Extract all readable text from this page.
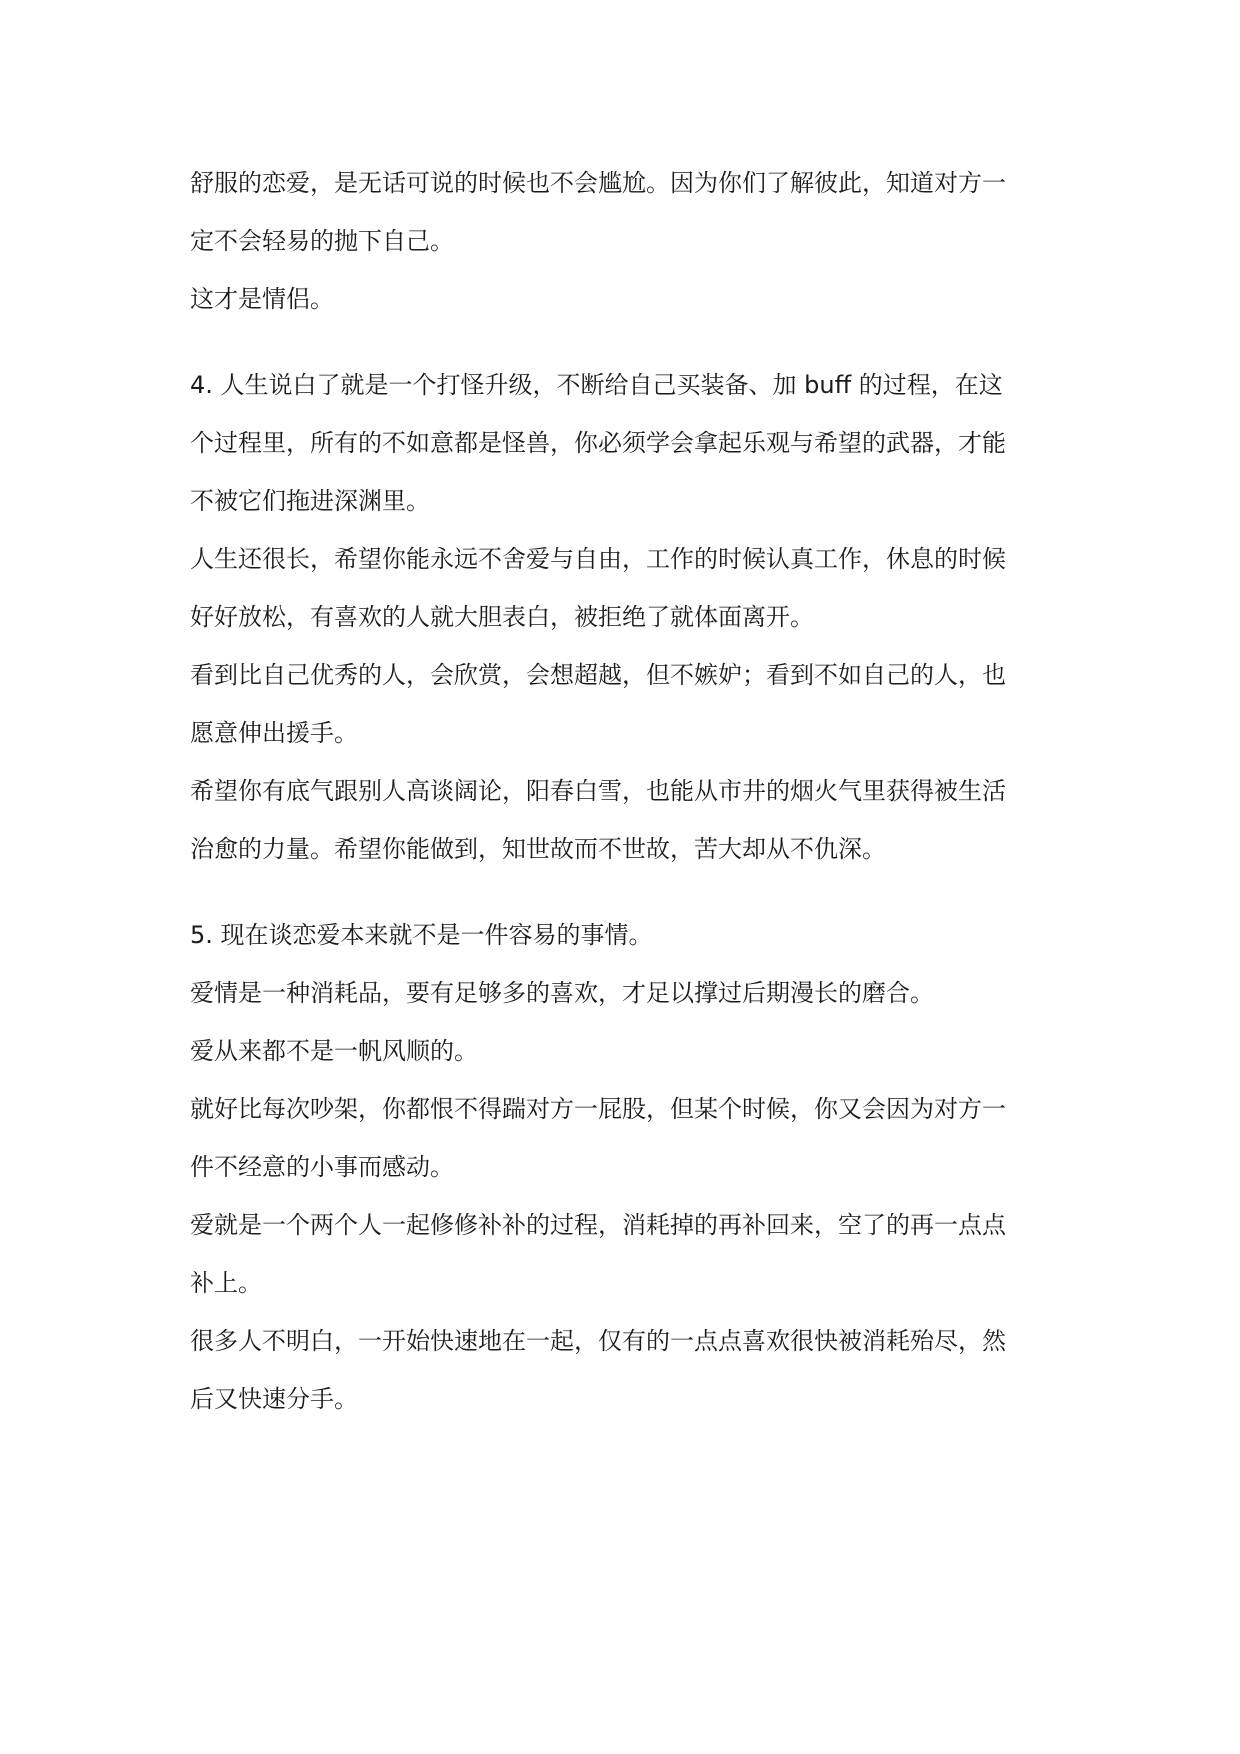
舒服的恋爱，是无话可说的时候也不会尴尬。因为你们了解彼此，知道对方一
定不会轻易的抛下自己。
这才是情侣。
4. 人生说白了就是一个打怪升级，不断给自己买装备、加 buff 的过程，在这
个过程里，所有的不如意都是怪兽，你必须学会拿起乐观与希望的武器，才能
不被它们拖进深渊里。
人生还很长，希望你能永远不舍爱与自由，工作的时候认真工作，休息的时候
好好放松，有喜欢的人就大胆表白，被拒绝了就体面离开。
看到比自己优秀的人，会欣赏，会想超越，但不嫉妒；看到不如自己的人，也
愿意伸出援手。
希望你有底气跟别人高谈阔论，阳春白雪，也能从市井的烟火气里获得被生活
治愈的力量。希望你能做到，知世故而不世故，苦大却从不仇深。
5. 现在谈恋爱本来就不是一件容易的事情。
爱情是一种消耗品，要有足够多的喜欢，才足以撑过后期漫长的磨合。
爱从来都不是一帆风顺的。
就好比每次吵架，你都恨不得踹对方一屁股，但某个时候，你又会因为对方一
件不经意的小事而感动。
爱就是一个两个人一起修修补补的过程，消耗掉的再补回来，空了的再一点点
补上。
很多人不明白，一开始快速地在一起，仅有的一点点喜欢很快被消耗殆尽，然
后又快速分手。
